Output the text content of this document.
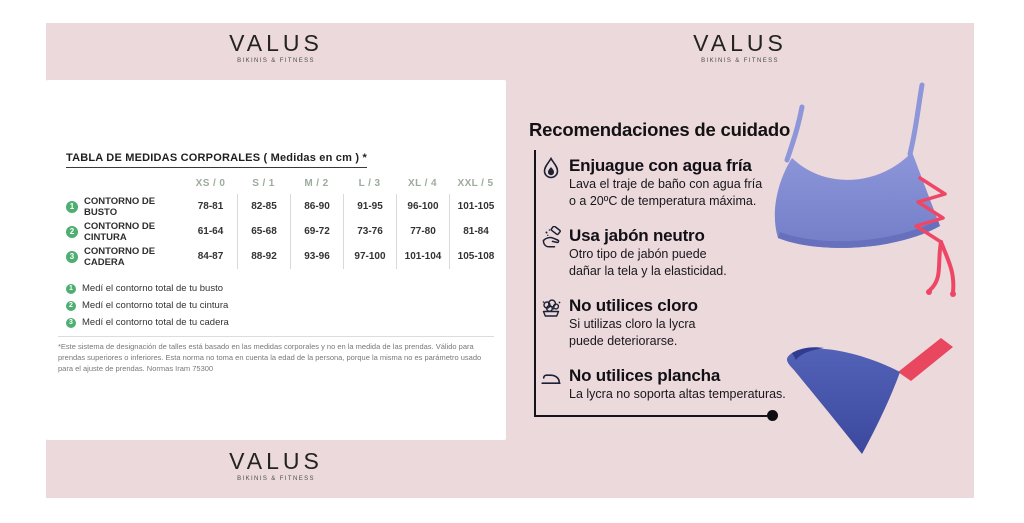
VALUS
BIKINIS & FITNESS
VALUS
BIKINIS & FITNESS
VALUS
BIKINIS & FITNESS
TABLA DE MEDIDAS CORPORALES ( Medidas en cm ) *
XS / 0	S / 1	M / 2	L / 3	XL / 4	XXL / 5
1	CONTORNO DE BUSTO	78-81	82-85	86-90	91-95	96-100	101-105
2	CONTORNO DE CINTURA	61-64	65-68	69-72	73-76	77-80	81-84
3	CONTORNO DE CADERA	84-87	88-92	93-96	97-100	101-104	105-108
1 Medí el contorno total de tu busto
2 Medí el contorno total de tu cintura
3 Medí el contorno total de tu cadera
*Este sistema de designación de talles está basado en las medidas corporales y no en la medida de las prendas. Válido para prendas superiores o inferiores. Esta norma no toma en cuenta la edad de la persona, porque la misma no es parámetro usado para el ajuste de prendas. Normas Iram 75300
Recomendaciones de cuidado
Enjuague con agua fría
Lava el traje de baño con agua fría
o a 20ºC de temperatura máxima.
Usa jabón neutro
Otro tipo de jabón puede
dañar la tela y la elasticidad.
No utilices cloro
Si utilizas cloro la lycra
puede deteriorarse.
No utilices plancha
La lycra no soporta altas temperaturas.
